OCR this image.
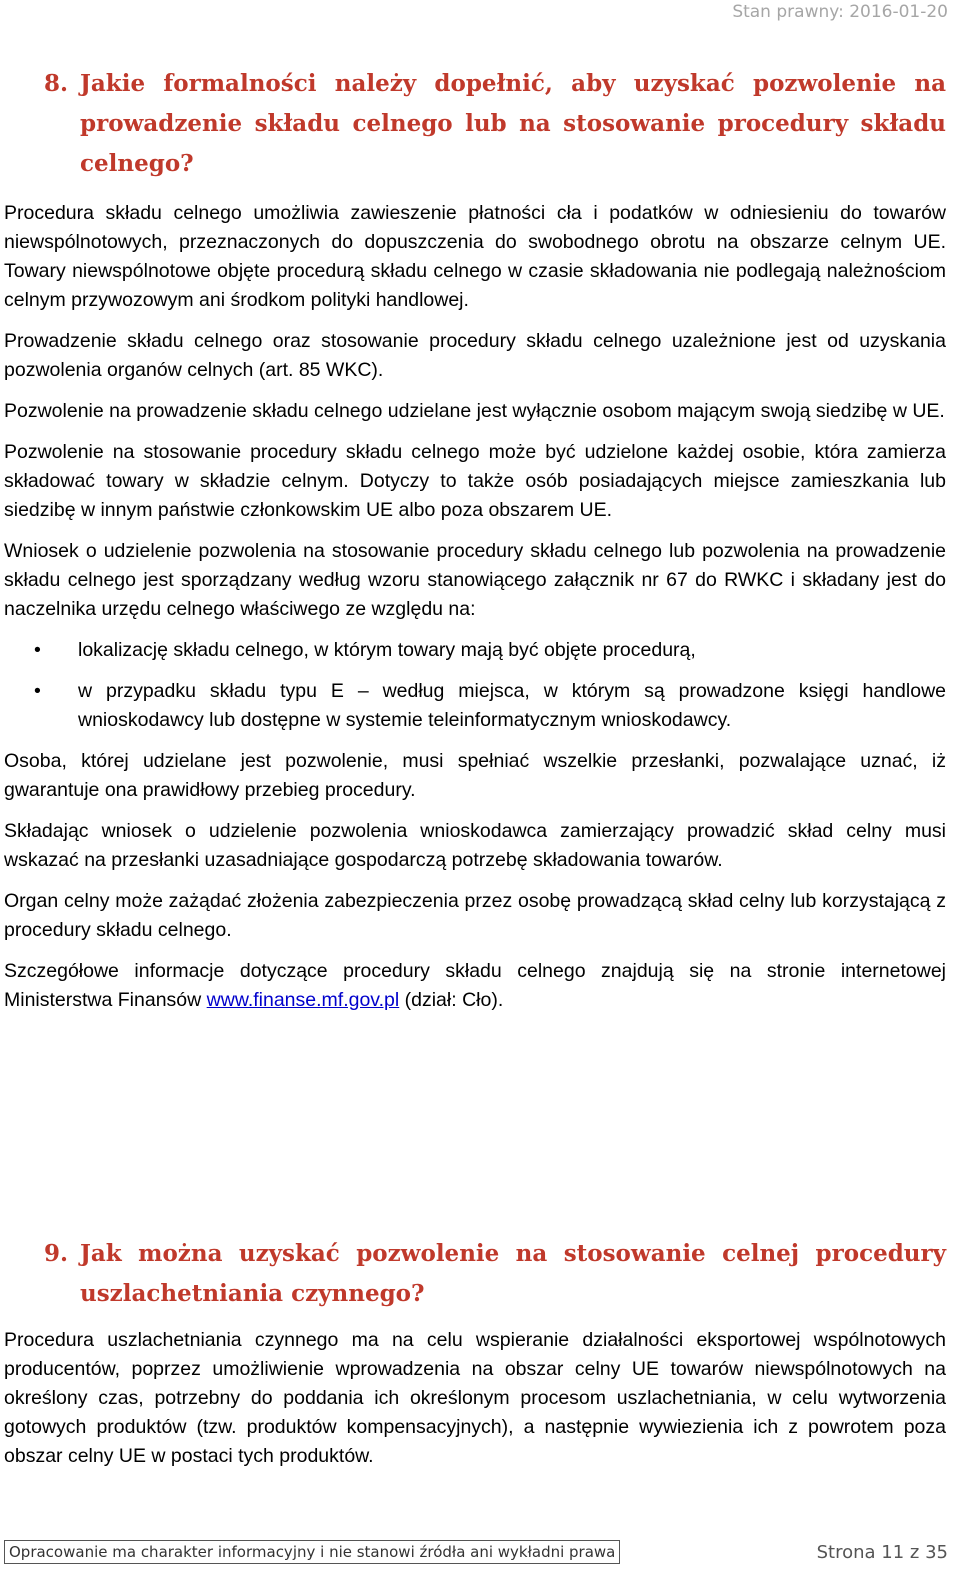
Stan prawny: 2016-01-20
8. Jakie formalności należy dopełnić, aby uzyskać pozwolenie na prowadzenie składu celnego lub na stosowanie procedury składu celnego?

Procedura składu celnego umożliwia zawieszenie płatności cła i podatków w odniesieniu do towarów niewspólnotowych, przeznaczonych do dopuszczenia do swobodnego obrotu na obszarze celnym UE. Towary niewspólnotowe objęte procedurą składu celnego w czasie składowania nie podlegają należnościom celnym przywozowym ani środkom polityki handlowej.

Prowadzenie składu celnego oraz stosowanie procedury składu celnego uzależnione jest od uzyskania pozwolenia organów celnych (art. 85 WKC).

Pozwolenie na prowadzenie składu celnego udzielane jest wyłącznie osobom mającym swoją siedzibę w UE.

Pozwolenie na stosowanie procedury składu celnego może być udzielone każdej osobie, która zamierza składować towary w składzie celnym. Dotyczy to także osób posiadających miejsce zamieszkania lub siedzibę w innym państwie członkowskim UE albo poza obszarem UE.

Wniosek o udzielenie pozwolenia na stosowanie procedury składu celnego lub pozwolenia na prowadzenie składu celnego jest sporządzany według wzoru stanowiącego załącznik nr 67 do RWKC i składany jest do naczelnika urzędu celnego właściwego ze względu na:

• lokalizację składu celnego, w którym towary mają być objęte procedurą,
• w przypadku składu typu E – według miejsca, w którym są prowadzone księgi handlowe wnioskodawcy lub dostępne w systemie teleinformatycznym wnioskodawcy.

Osoba, której udzielane jest pozwolenie, musi spełniać wszelkie przesłanki, pozwalające uznać, iż gwarantuje ona prawidłowy przebieg procedury.

Składając wniosek o udzielenie pozwolenia wnioskodawca zamierzający prowadzić skład celny musi wskazać na przesłanki uzasadniające gospodarczą potrzebę składowania towarów.

Organ celny może zażądać złożenia zabezpieczenia przez osobę prowadzącą skład celny lub korzystającą z procedury składu celnego.

Szczegółowe informacje dotyczące procedury składu celnego znajdują się na stronie internetowej Ministerstwa Finansów www.finanse.mf.gov.pl (dział: Cło).

9. Jak można uzyskać pozwolenie na stosowanie celnej procedury uszlachetniania czynnego?

Procedura uszlachetniania czynnego ma na celu wspieranie działalności eksportowej wspólnotowych producentów, poprzez umożliwienie wprowadzenia na obszar celny UE towarów niewspólnotowych na określony czas, potrzebny do poddania ich określonym procesom uszlachetniania, w celu wytworzenia gotowych produktów (tzw. produktów kompensacyjnych), a następnie wywiezienia ich z powrotem poza obszar celny UE w postaci tych produktów.

Opracowanie ma charakter informacyjny i nie stanowi źródła ani wykładni prawa	Strona 11 z 35
